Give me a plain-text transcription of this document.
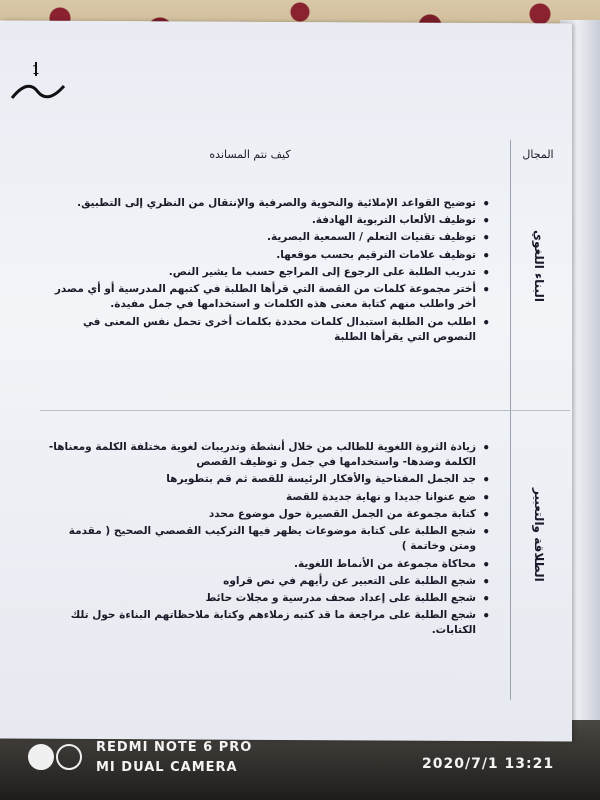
1
المجال
كيف نتم المسانده
البناء اللغوي
الطلاقة والتعبير
• توضيح القواعد الإملائية والنحوية والصرفية والإنتقال من النظري إلى التطبيق.
• توظيف الألعاب التربوية الهادفة.
• توظيف تقنيات التعلم / السمعية البصرية.
• توظيف علامات الترقيم بحسب موقعها.
• تدريب الطلبة على الرجوع إلى المراجع حسب ما يشير النص.
• أختر مجموعة كلمات من القصة التي قرأها الطلبة في كتبهم المدرسية أو أي مصدر أخر واطلب منهم كتابة معنى هذه الكلمات و استخدامها في جمل مفيدة.
• اطلب من الطلبة استبدال كلمات محددة بكلمات أخرى تحمل نفس المعنى في النصوص التي يقرأها الطلبة
• زيادة الثروة اللغوية للطالب من خلال أنشطة وتدريبات لغوية مختلفة الكلمة ومعناها- الكلمة وضدها- واستخدامها في جمل و توظيف القصص
• جد الجمل المفتاحية والأفكار الرئيسة للقصة ثم قم بتطويرها
• ضع عنوانا جديدا و نهاية جديدة للقصة
• كتابة مجموعة من الجمل القصيرة حول موضوع محدد
• شجع الطلبة على كتابة موضوعات يظهر فيها التركيب القصصي الصحيح ( مقدمة ومتن وخاتمة )
• محاكاة مجموعة من الأنماط اللغوية.
• شجع الطلبة على التعبير عن رأيهم في نص قراوه
• شجع الطلبة على إعداد صحف مدرسية و مجلات حائط
• شجع الطلبة على مراجعة ما قد كتبه زملاءهم وكتابة ملاحظاتهم البناءة حول تلك الكتابات.
REDMI NOTE 6 PRO
MI DUAL CAMERA	2020/7/1 13:21
